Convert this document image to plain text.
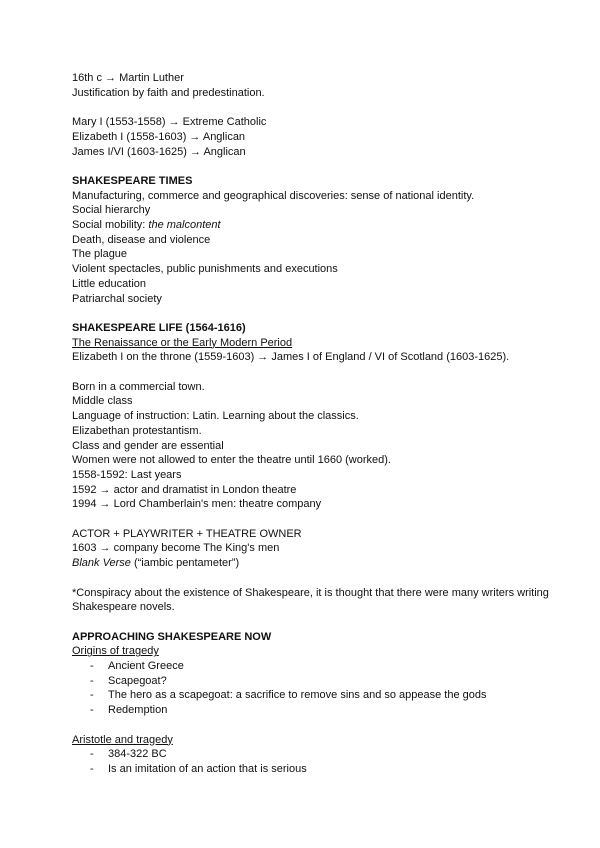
16th c → Martin Luther

Justification by faith and predestination.

Mary I (1553-1558) → Extreme Catholic

Elizabeth I (1558-1603) → Anglican

James I/VI (1603-1625) → Anglican

SHAKESPEARE TIMES

Manufacturing, commerce and geographical discoveries: sense of national identity.

Social hierarchy

Social mobility: the malcontent

Death, disease and violence

The plague

Violent spectacles, public punishments and executions

Little education

Patriarchal society

SHAKESPEARE LIFE (1564-1616)

The Renaissance or the Early Modern Period

Elizabeth I on the throne (1559-1603) → James I of England / VI of Scotland (1603-1625).

Born in a commercial town.

Middle class

Language of instruction: Latin. Learning about the classics.

Elizabethan protestantism.

Class and gender are essential

Women were not allowed to enter the theatre until 1660 (worked).

1558-1592: Last years

1592 → actor and dramatist in London theatre

1994 → Lord Chamberlain's men: theatre company

ACTOR + PLAYWRITER + THEATRE OWNER

1603 → company become The King's men

Blank Verse (“iambic pentameter”)

*Conspiracy about the existence of Shakespeare, it is thought that there were many writers writing Shakespeare novels.

APPROACHING SHAKESPEARE NOW

Origins of tragedy

- Ancient Greece
- Scapegoat?
- The hero as a scapegoat: a sacrifice to remove sins and so appease the gods
- Redemption

Aristotle and tragedy

- 384-322 BC
- Is an imitation of an action that is serious
